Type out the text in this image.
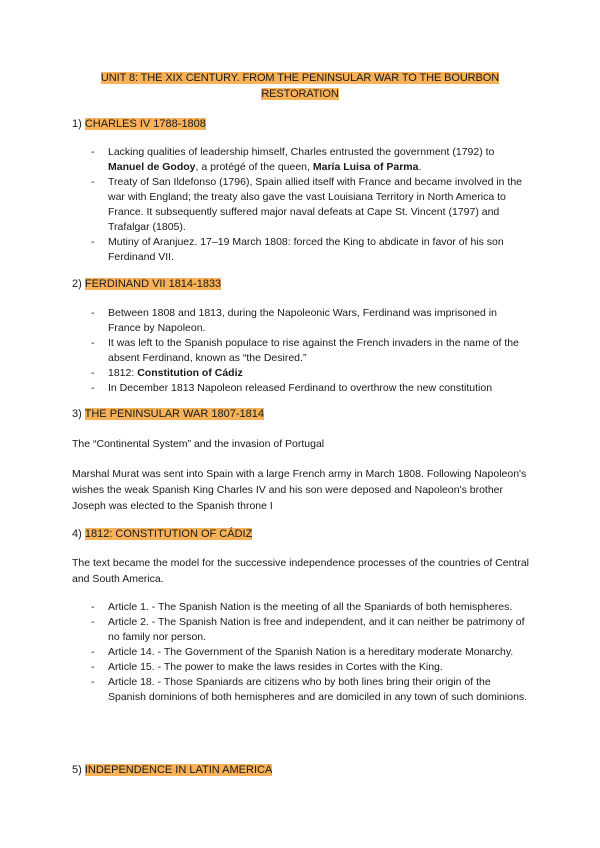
UNIT 8: THE XIX CENTURY. FROM THE PENINSULAR WAR TO THE BOURBON
RESTORATION
1) CHARLES IV 1788-1808
- Lacking qualities of leadership himself, Charles entrusted the government (1792) to Manuel de Godoy, a protégé of the queen, María Luisa of Parma.
- Treaty of San Ildefonso (1796), Spain allied itself with France and became involved in the war with England; the treaty also gave the vast Louisiana Territory in North America to France. It subsequently suffered major naval defeats at Cape St. Vincent (1797) and Trafalgar (1805).
- Mutiny of Aranjuez. 17–19 March 1808: forced the King to abdicate in favor of his son Ferdinand VII.
2) FERDINAND VII 1814-1833
- Between 1808 and 1813, during the Napoleonic Wars, Ferdinand was imprisoned in France by Napoleon.
- It was left to the Spanish populace to rise against the French invaders in the name of the absent Ferdinand, known as “the Desired.”
- 1812: Constitution of Cádiz
- In December 1813 Napoleon released Ferdinand to overthrow the new constitution
3) THE PENINSULAR WAR 1807-1814
The “Continental System” and the invasion of Portugal
Marshal Murat was sent into Spain with a large French army in March 1808. Following Napoleon's wishes the weak Spanish King Charles IV and his son were deposed and Napoleon's brother Joseph was elected to the Spanish throne I
4) 1812: CONSTITUTION OF CÁDIZ
The text became the model for the successive independence processes of the countries of Central and South America.
- Article 1. - The Spanish Nation is the meeting of all the Spaniards of both hemispheres.
- Article 2. - The Spanish Nation is free and independent, and it can neither be patrimony of no family nor person.
- Article 14. - The Government of the Spanish Nation is a hereditary moderate Monarchy.
- Article 15. - The power to make the laws resides in Cortes with the King.
- Article 18. - Those Spaniards are citizens who by both lines bring their origin of the Spanish dominions of both hemispheres and are domiciled in any town of such dominions.
5) INDEPENDENCE IN LATIN AMERICA
